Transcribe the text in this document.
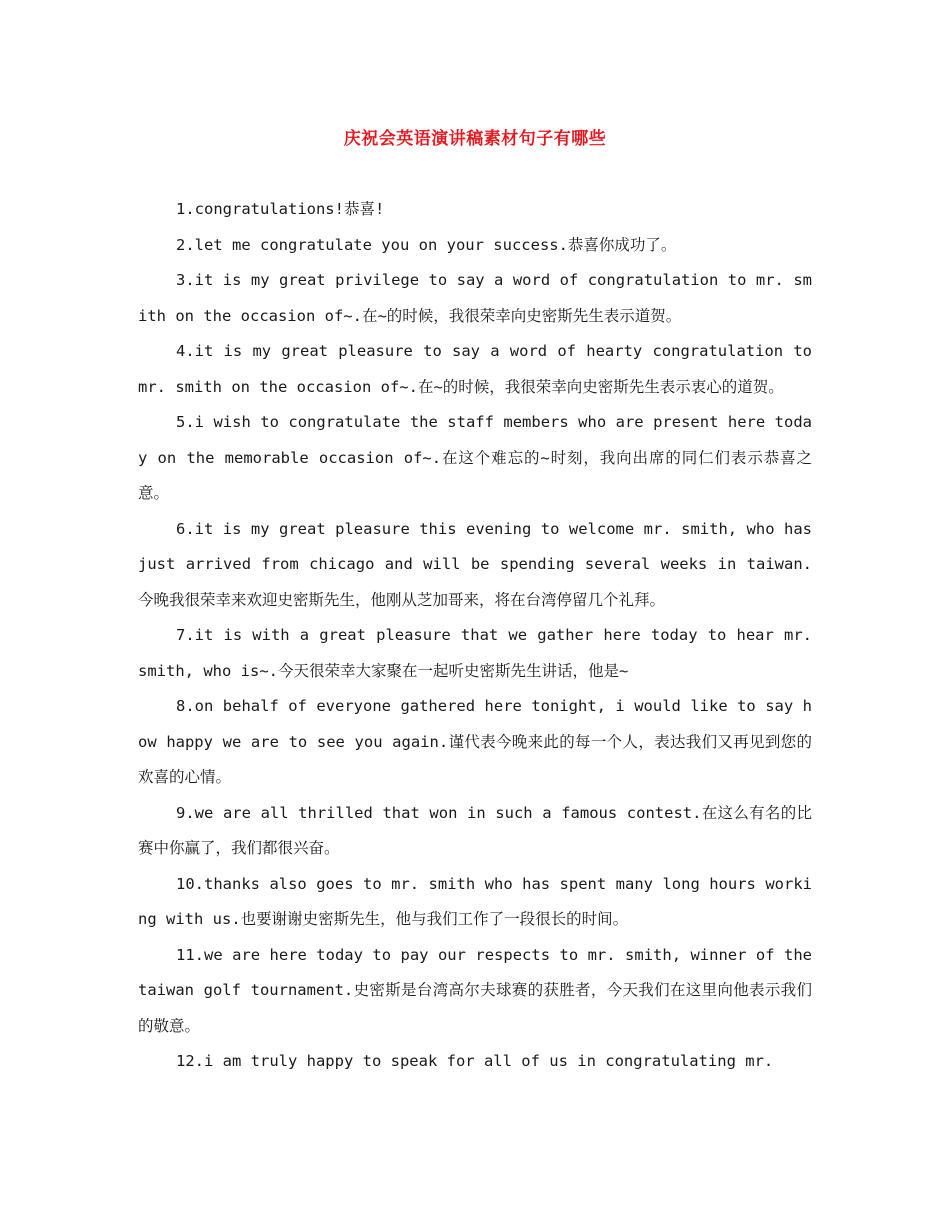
庆祝会英语演讲稿素材句子有哪些

1.congratulations!恭喜!

2.let me congratulate you on your success.恭喜你成功了。

3.it is my great privilege to say a word of congratulation to mr. smith on the occasion of~.在~的时候，我很荣幸向史密斯先生表示道贺。

4.it is my great pleasure to say a word of hearty congratulation to mr. smith on the occasion of~.在~的时候，我很荣幸向史密斯先生表示衷心的道贺。

5.i wish to congratulate the staff members who are present here today on the memorable occasion of~.在这个难忘的~时刻，我向出席的同仁们表示恭喜之意。

6.it is my great pleasure this evening to welcome mr. smith, who has just arrived from chicago and will be spending several weeks in taiwan.今晚我很荣幸来欢迎史密斯先生，他刚从芝加哥来，将在台湾停留几个礼拜。

7.it is with a great pleasure that we gather here today to hear mr. smith, who is~.今天很荣幸大家聚在一起听史密斯先生讲话，他是~

8.on behalf of everyone gathered here tonight, i would like to say how happy we are to see you again.谨代表今晚来此的每一个人，表达我们又再见到您的欢喜的心情。

9.we are all thrilled that won in such a famous contest.在这么有名的比赛中你赢了，我们都很兴奋。

10.thanks also goes to mr. smith who has spent many long hours working with us.也要谢谢史密斯先生，他与我们工作了一段很长的时间。

11.we are here today to pay our respects to mr. smith, winner of the taiwan golf tournament.史密斯是台湾高尔夫球赛的获胜者，今天我们在这里向他表示我们的敬意。

12.i am truly happy to speak for all of us in congratulating mr.
